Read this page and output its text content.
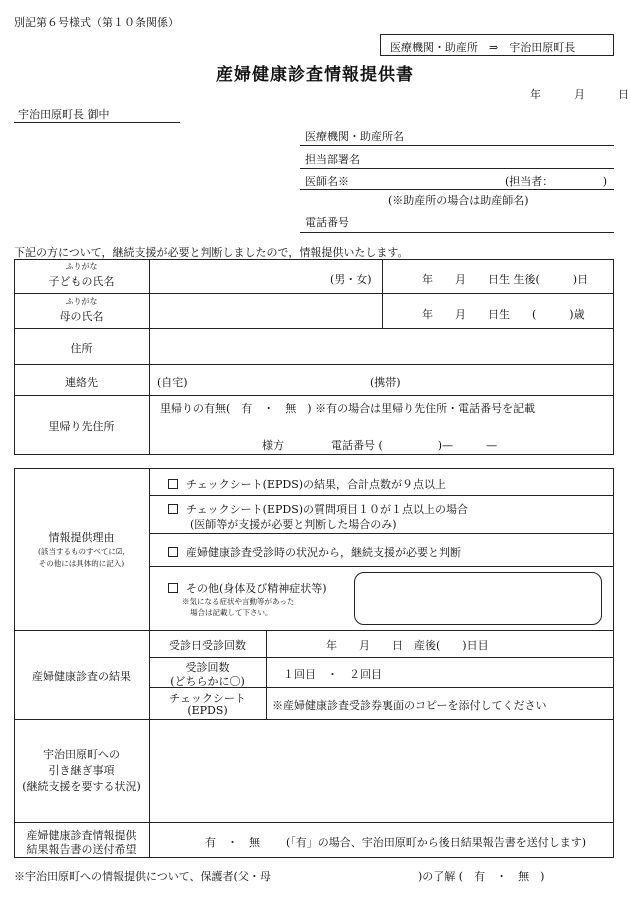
別記第６号様式（第１０条関係）
医療機関・助産所　⇒　宇治田原町長
産婦健康診査情報提供書
年　　　月　　　日
宇治田原町長 御中
医療機関・助産所名
担当部署名
医師名※	(担当者：　　　　　)
(※助産所の場合は助産師名)
電話番号
下記の方について，継続支援が必要と判断しましたので，情報提供いたします。
ふりがな
子どもの氏名	(男・女)	年　　月　　日生 生後(　　　)日
ふりがな
母の氏名	年　　月　　日生　　(　　　)歳
住所
連絡先	(自宅)	(携帯)
里帰り先住所
里帰りの有無(　有　・　無　) ※有の場合は里帰り先住所・電話番号を記載
様方	電話番号 (　　　　　)—　　　—
情報提供理由
(該当するものすべてに☑,
その他には具体的に記入)
チェックシート(EPDS)の結果，合計点数が９点以上
チェックシート(EPDS)の質問項目１０が１点以上の場合
(医師等が支援が必要と判断した場合のみ)
産婦健康診査受診時の状況から，継続支援が必要と判断
その他(身体及び精神症状等)
※気になる症状や言動等があった
場合は記載して下さい。
産婦健康診査の結果
受診日受診回数	年　　月　　日　産後(　　)日目
受診回数
(どちらかに〇)
１回目　・　２回目
チェックシート
(EPDS)	※産婦健康診査受診券裏面のコピーを添付してください
宇治田原町への
引き継ぎ事項
(継続支援を要する状況)
産婦健康診査情報提供
結果報告書の送付希望
有　・　無 (「有」の場合、宇治田原町から後日結果報告書を送付します)
※宇治田原町への情報提供について、保護者(父・母	)の了解 (　有　・　無　)
